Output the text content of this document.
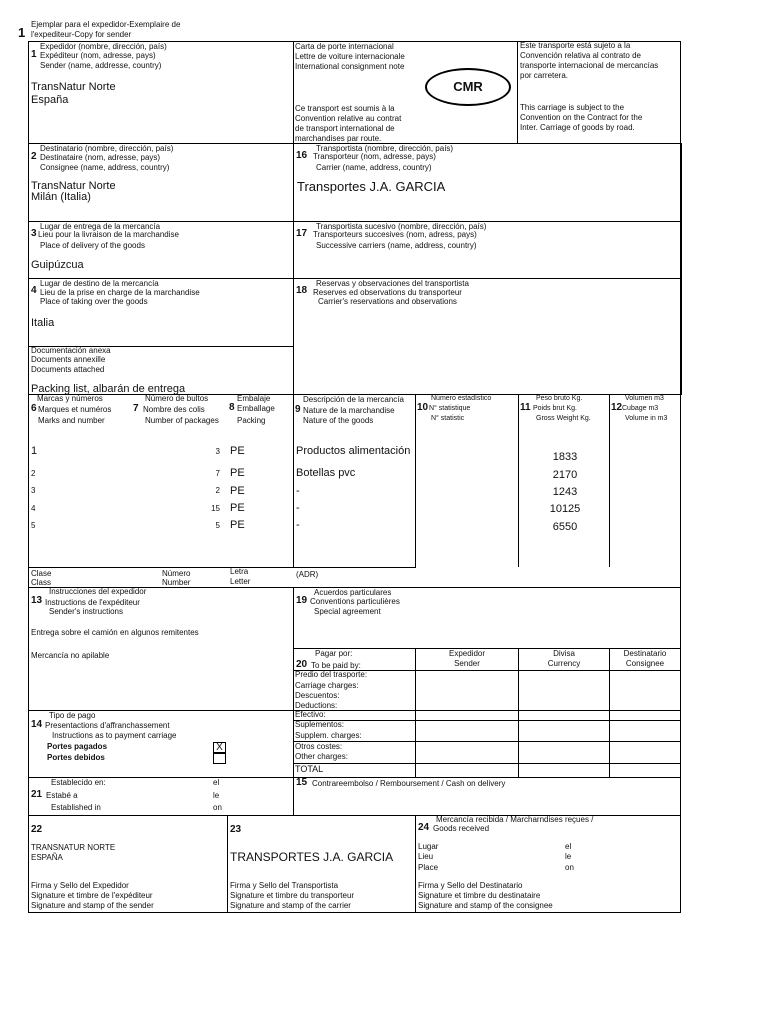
1
Ejemplar para el expedidor-Exemplaire de
l'expediteur-Copy for sender
Expedidor (nombre, dirección, país)
1 Expéditeur (nom, adresse, pays)
Sender (name, addresse, country)
TransNatur Norte
España
Carta de porte internacional
Lettre de voiture internacionale
International consignment note
CMR
Ce transport est soumis à la
Convention relative au contrat
de transport international de
marchandises par route.
Este transporte está sujeto a la
Convención relativa al contrato de
transporte internacional de mercancías
por carretera.
This carriage is subject to the
Convention on the Contract for the
Inter. Carriage of goods by road.
Destinatario (nombre, dirección, país)
2 Destinataire (nom, adresse, pays)
Consignee (name, address, country)
TransNatur Norte
Milán (Italia)
Transportista (nombre, dirección, país)
16 Transporteur (nom, adresse, pays)
Carrier (name, address, country)
Transportes J.A. GARCIA
Lugar de entrega de la mercancía
3 Lieu pour la livraison de la marchandise
Place of delivery of the goods
Guipúzcua
Transportista sucesivo (nombre, dirección, país)
17 Transporteurs succesives (nom, adress, pays)
Successive carriers (name, address, country)
Lugar de destino de la mercancía
4 Lieu de la prise en charge de la marchandise
Place of taking over the goods
Italia
Reservas y observaciones del transportista
18 Reserves ed observations du transporteur
Carrier's reservations and observations
Documentación anexa
Documents annexille
Documents attached
Packing list, albarán de entrega
Marcas y números
6 Marques et numéros
Marks and number
Número de bultos
7 Nombre des colis
Number of packages
Embalaje
8 Emballage
Packing
Descripción de la mercancía
9 Nature de la marchandise
Nature of the goods
Número estadístico
10 N° statistique
N° statistic
Peso bruto Kg.
11 Poids brut Kg.
Gross Weight Kg.
Volumen m3
12 Cubage m3
Volume in m3
1	3 PE	Productos alimentación	1833
2	7 PE	Botellas pvc	2170
3	2 PE	-	1243
4	15 PE	-	10125
5	5 PE	-	6550
Clase
Class
Número
Number
Letra
Letter
(ADR)
Instrucciones del expedidor
13 Instructions de l'expéditeur
Sender's instructions
Entrega sobre el camión en algunos remitentes
Mercancía no apilable
Acuerdos particulares
19 Conventions particulières
Special agreement
Pagar por:
20 To be paid by:
Expedidor
Sender
Divisa
Currency
Destinatario
Consignee
Predio del trasporte:
Carriage charges:
Descuentos:
Deductions:
Efectivo:
Suplementos:
Supplem. charges:
Otros costes:
Other charges:
TOTAL
Tipo de pago
14 Presentactions d'affranchassement
Instructions as to payment carriage
Portes pagados	X
Portes debidos
15 Contrareembolso / Remboursement / Cash on delivery
Establecido en:
21 Estabé a
Established in
el
le
on
22
TRANSNATUR NORTE
ESPAÑA
Firma y Sello del Expedidor
Signature et timbre de l'expéditeur
Signature and stamp of the sender
23
TRANSPORTES J.A. GARCIA
Firma y Sello del Transportista
Signature et timbre du transporteur
Signature and stamp of the carrier
Mercancía recibida / Marcharndises reçues /
24 Goods received
Lugar
Lieu
Place
el
le
on
Firma y Sello del Destinatario
Signature et timbre du destinataire
Signature and stamp of the consignee
